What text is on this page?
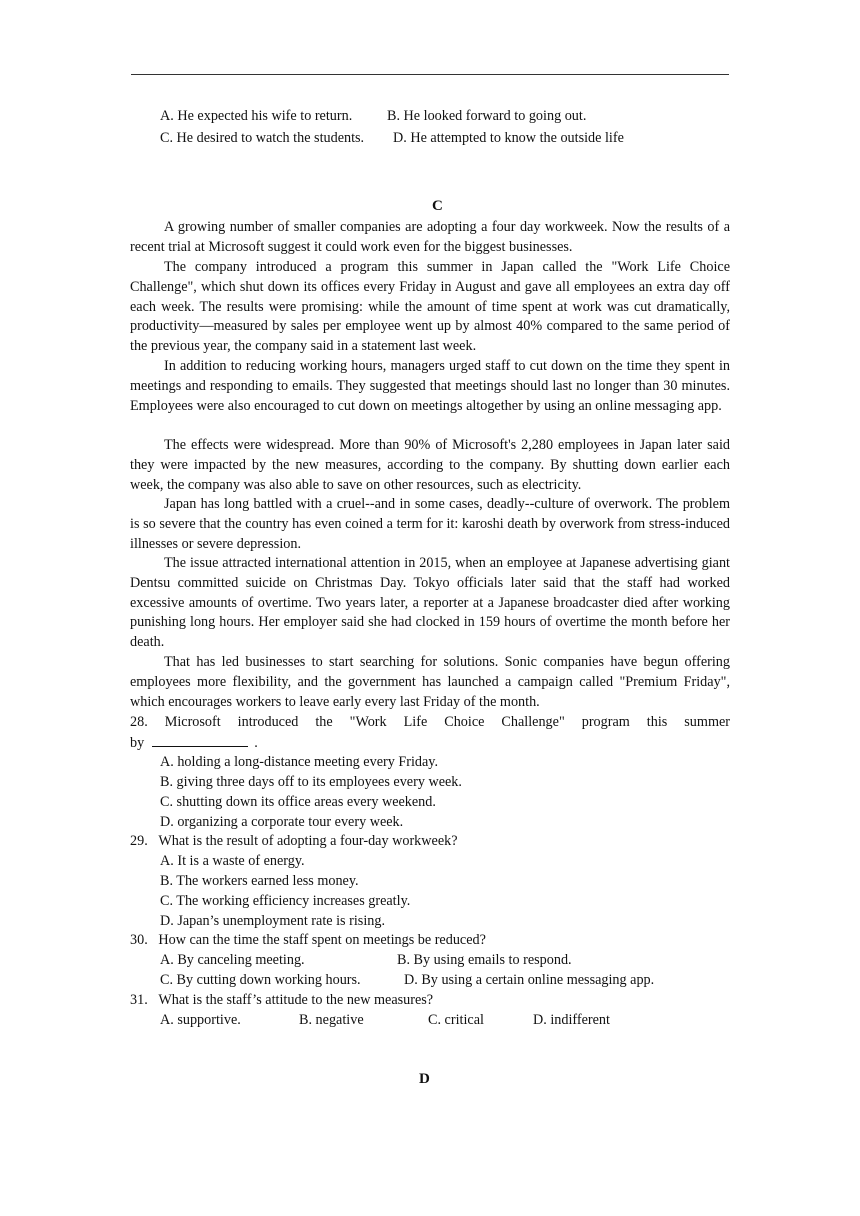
A. He expected his wife to return. B. He looked forward to going out.
C. He desired to watch the students. D. He attempted to know the outside life
C
A growing number of smaller companies are adopting a four day workweek. Now the results of a recent trial at Microsoft suggest it could work even for the biggest businesses.
The company introduced a program this summer in Japan called the "Work Life Choice Challenge", which shut down its offices every Friday in August and gave all employees an extra day off each week. The results were promising: while the amount of time spent at work was cut dramatically, productivity—measured by sales per employee went up by almost 40% compared to the same period of the previous year, the company said in a statement last week.
In addition to reducing working hours, managers urged staff to cut down on the time they spent in meetings and responding to emails. They suggested that meetings should last no longer than 30 minutes. Employees were also encouraged to cut down on meetings altogether by using an online messaging app.
The effects were widespread. More than 90% of Microsoft's 2,280 employees in Japan later said they were impacted by the new measures, according to the company. By shutting down earlier each week, the company was also able to save on other resources, such as electricity.
Japan has long battled with a cruel--and in some cases, deadly--culture of overwork. The problem is so severe that the country has even coined a term for it: karoshi death by overwork from stress-induced illnesses or severe depression.
The issue attracted international attention in 2015, when an employee at Japanese advertising giant Dentsu committed suicide on Christmas Day. Tokyo officials later said that the staff had worked excessive amounts of overtime. Two years later, a reporter at a Japanese broadcaster died after working punishing long hours. Her employer said she had clocked in 159 hours of overtime the month before her death.
That has led businesses to start searching for solutions. Sonic companies have begun offering employees more flexibility, and the government has launched a campaign called "Premium Friday", which encourages workers to leave early every last Friday of the month.
28. Microsoft introduced the "Work Life Choice Challenge" program this summer
by	.
A. holding a long-distance meeting every Friday.
B. giving three days off to its employees every week.
C. shutting down its office areas every weekend.
D. organizing a corporate tour every week.
29.   What is the result of adopting a four-day workweek?
A. It is a waste of energy.
B. The workers earned less money.
C. The working efficiency increases greatly.
D. Japan’s unemployment rate is rising.
30.   How can the time the staff spent on meetings be reduced?
A. By canceling meeting.	B. By using emails to respond.
C. By cutting down working hours.	D. By using a certain online messaging app.
31.   What is the staff’s attitude to the new measures?
A. supportive.	B. negative	C. critical	D. indifferent
D
